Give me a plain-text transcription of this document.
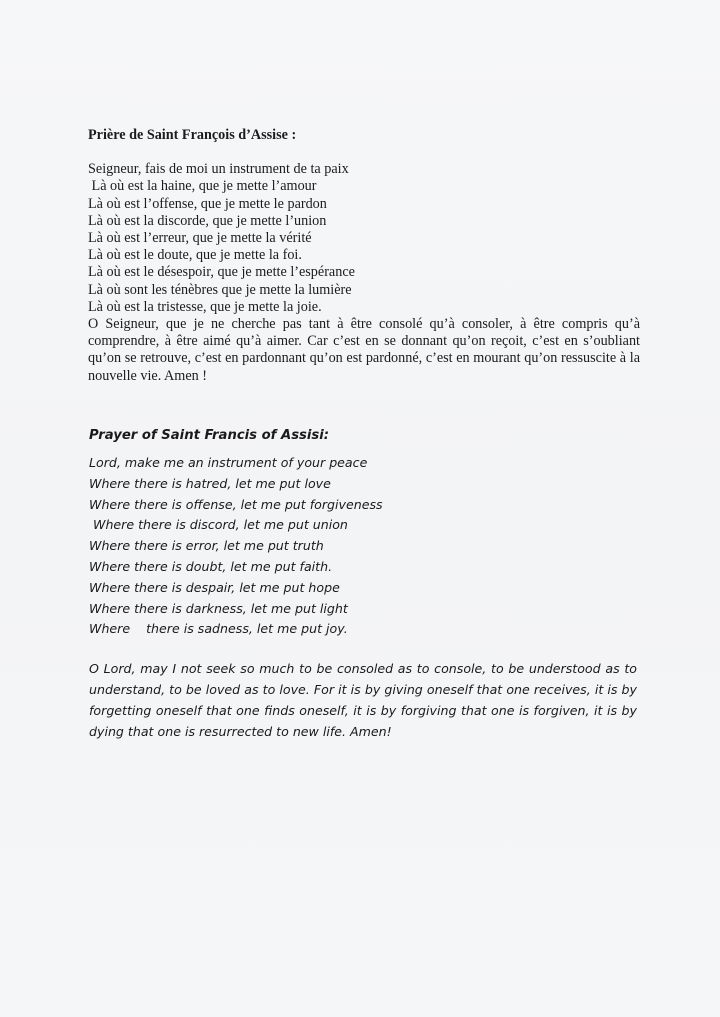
Prière de Saint François d’Assise :
Seigneur, fais de moi un instrument de ta paix
Là où est la haine, que je mette l’amour
Là où est l’offense, que je mette le pardon
Là où est la discorde, que je mette l’union
Là où est l’erreur, que je mette la vérité
Là où est le doute, que je mette la foi.
Là où est le désespoir, que je mette l’espérance
Là où sont les ténèbres que je mette la lumière
Là où est la tristesse, que je mette la joie.
O Seigneur, que je ne cherche pas tant à être consolé qu’à consoler, à être compris qu’à comprendre, à être aimé qu’à aimer. Car c’est en se donnant qu’on reçoit, c’est en s’oubliant qu’on se retrouve, c’est en pardonnant qu’on est pardonné, c’est en mourant qu’on ressuscite à la nouvelle vie. Amen !
Prayer of Saint Francis of Assisi:
Lord, make me an instrument of your peace
Where there is hatred, let me put love
Where there is offense, let me put forgiveness
Where there is discord, let me put union
Where there is error, let me put truth
Where there is doubt, let me put faith.
Where there is despair, let me put hope
Where there is darkness, let me put light
Where    there is sadness, let me put joy.
O Lord, may I not seek so much to be consoled as to console, to be understood as to understand, to be loved as to love. For it is by giving oneself that one receives, it is by forgetting oneself that one finds oneself, it is by forgiving that one is forgiven, it is by dying that one is resurrected to new life. Amen!
